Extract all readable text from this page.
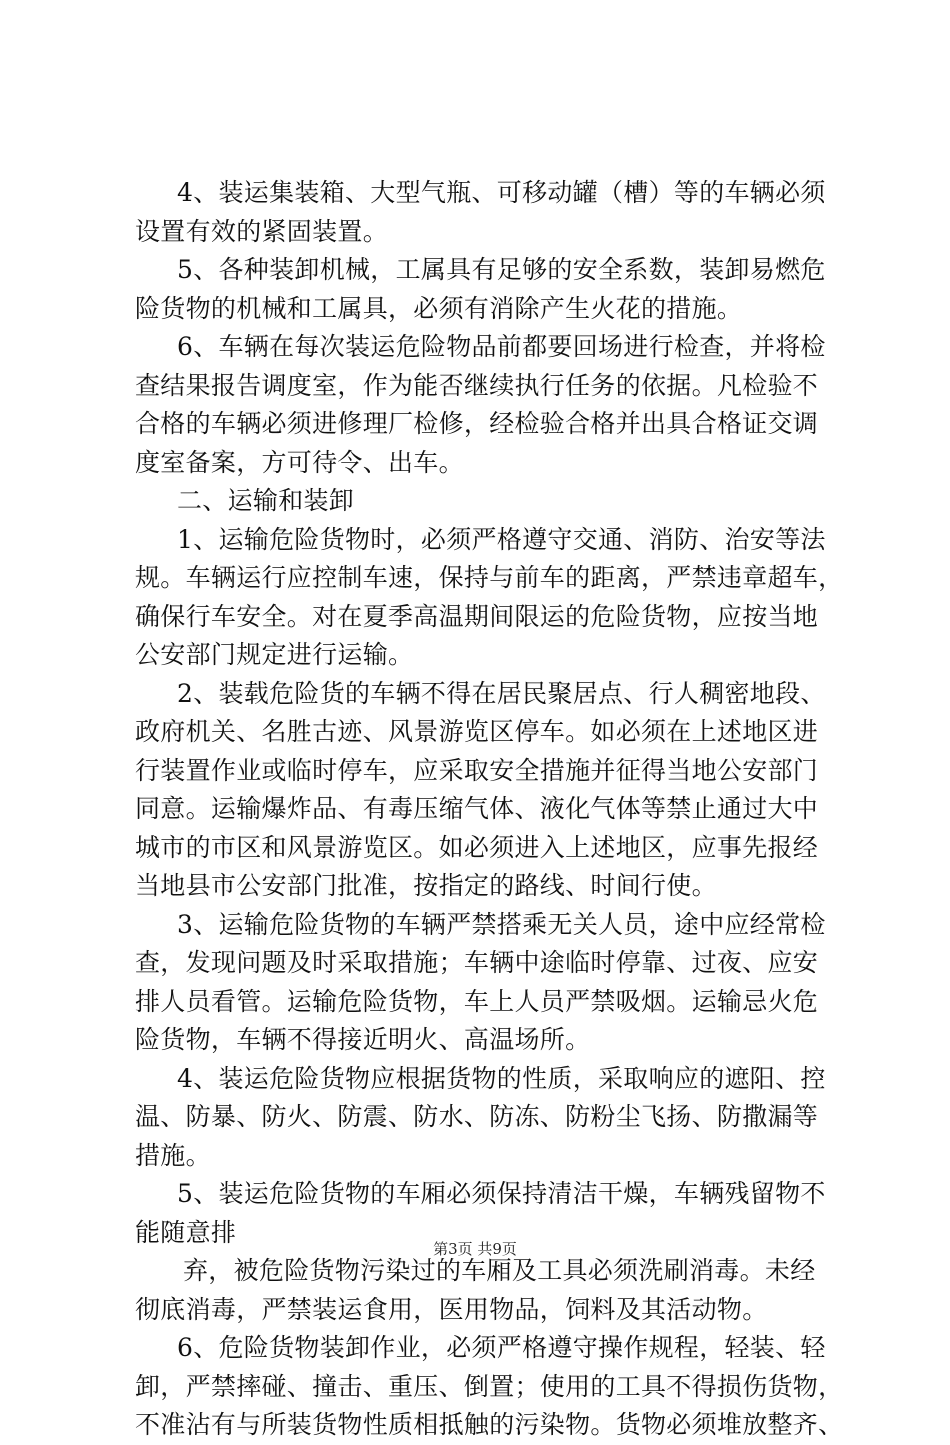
4、装运集装箱、大型气瓶、可移动罐（槽）等的车辆必须
设置有效的紧固装置。
5、各种装卸机械，工属具有足够的安全系数，装卸易燃危
险货物的机械和工属具，必须有消除产生火花的措施。
6、车辆在每次装运危险物品前都要回场进行检查，并将检
查结果报告调度室，作为能否继续执行任务的依据。凡检验不
合格的车辆必须进修理厂检修，经检验合格并出具合格证交调
度室备案，方可待令、出车。
二、运输和装卸
1、运输危险货物时，必须严格遵守交通、消防、治安等法
规。车辆运行应控制车速，保持与前车的距离，严禁违章超车，
确保行车安全。对在夏季高温期间限运的危险货物，应按当地
公安部门规定进行运输。
2、装载危险货的车辆不得在居民聚居点、行人稠密地段、
政府机关、名胜古迹、风景游览区停车。如必须在上述地区进
行装置作业或临时停车，应采取安全措施并征得当地公安部门
同意。运输爆炸品、有毒压缩气体、液化气体等禁止通过大中
城市的市区和风景游览区。如必须进入上述地区，应事先报经
当地县市公安部门批准，按指定的路线、时间行使。
3、运输危险货物的车辆严禁搭乘无关人员，途中应经常检
查，发现问题及时采取措施；车辆中途临时停靠、过夜、应安
排人员看管。运输危险货物，车上人员严禁吸烟。运输忌火危
险货物，车辆不得接近明火、高温场所。
4、装运危险货物应根据货物的性质，采取响应的遮阳、控
温、防暴、防火、防震、防水、防冻、防粉尘飞扬、防撒漏等
措施。
5、装运危险货物的车厢必须保持清洁干燥，车辆残留物不
能随意排
弃，被危险货物污染过的车厢及工具必须洗刷消毒。未经
彻底消毒，严禁装运食用，医用物品，饲料及其活动物。
6、危险货物装卸作业，必须严格遵守操作规程，轻装、轻
卸，严禁摔碰、撞击、重压、倒置；使用的工具不得损伤货物，
不准沾有与所装货物性质相抵触的污染物。货物必须堆放整齐、
第3页 共9页
